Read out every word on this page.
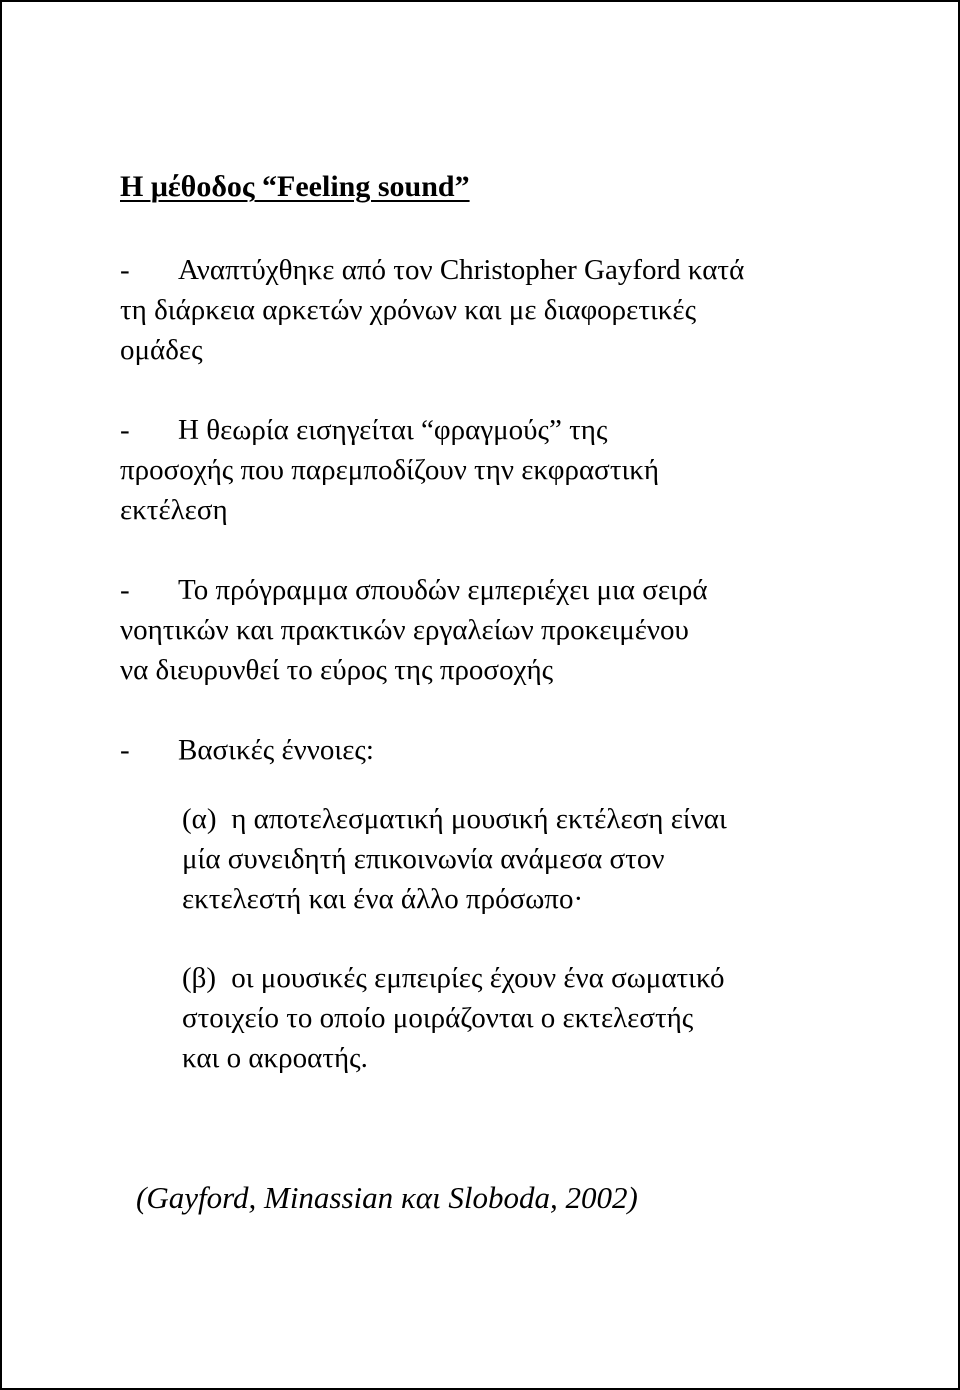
Η μέθοδος “Feeling sound”
- Αναπτύχθηκε από τον Christopher Gayford κατά
τη διάρκεια αρκετών χρόνων και με διαφορετικές
ομάδες
- Η θεωρία εισηγείται “φραγμούς” της
προσοχής που παρεμποδίζουν την εκφραστική
εκτέλεση
- Το πρόγραμμα σπουδών εμπεριέχει μια σειρά
νοητικών και πρακτικών εργαλείων προκειμένου
να διευρυνθεί το εύρος της προσοχής
- Βασικές έννοιες:
(α) η αποτελεσματική μουσική εκτέλεση είναι
μία συνειδητή επικοινωνία ανάμεσα στον
εκτελεστή και ένα άλλο πρόσωπο·
(β) οι μουσικές εμπειρίες έχουν ένα σωματικό
στοιχείο το οποίο μοιράζονται ο εκτελεστής
και ο ακροατής.
(Gayford, Minassian και Sloboda, 2002)
